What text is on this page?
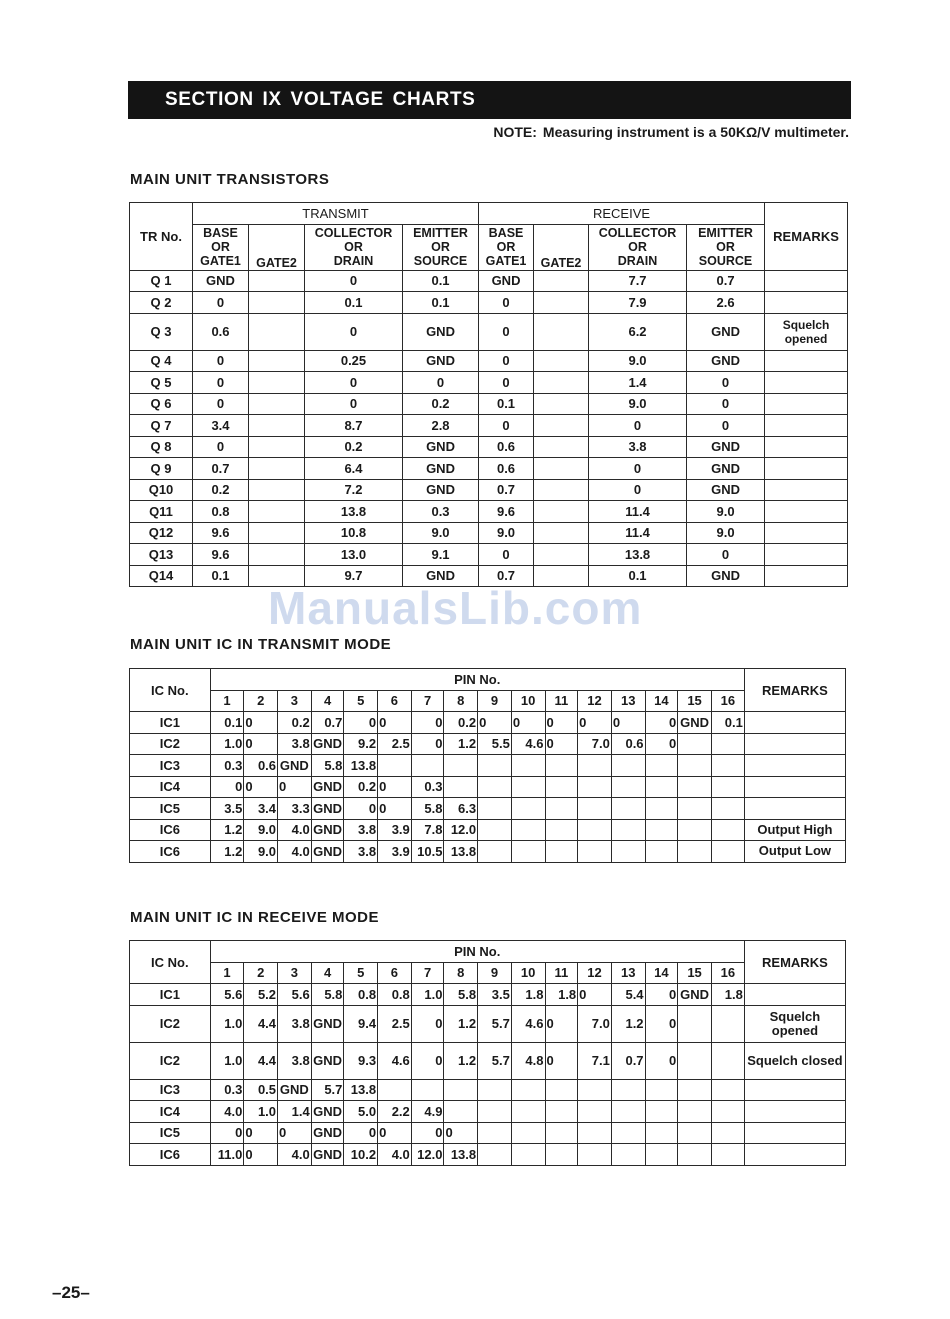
SECTION IX VOLTAGE CHARTS
NOTE: Measuring instrument is a 50KΩ/V multimeter.
MAIN UNIT TRANSISTORS
TR No.	TRANSMIT				RECEIVE				REMARKS
	BASE
OR
GATE1	GATE2	COLLECTOR
OR
DRAIN	EMITTER
OR
SOURCE	BASE
OR
GATE1	GATE2	COLLECTOR
OR
DRAIN	EMITTER
OR
SOURCE	
Q 1	GND		0	0.1	GND		7.7	0.7	
Q 2	0		0.1	0.1	0		7.9	2.6	
Q 3	0.6		0	GND	0		6.2	GND	Squelch opened
Q 4	0		0.25	GND	0		9.0	GND	
Q 5	0		0	0	0		1.4	0	
Q 6	0		0	0.2	0.1		9.0	0	
Q 7	3.4		8.7	2.8	0		0	0	
Q 8	0		0.2	GND	0.6		3.8	GND	
Q 9	0.7		6.4	GND	0.6		0	GND	
Q10	0.2		7.2	GND	0.7		0	GND	
Q11	0.8		13.8	0.3	9.6		11.4	9.0	
Q12	9.6		10.8	9.0	9.0		11.4	9.0	
Q13	9.6		13.0	9.1	0		13.8	0	
Q14	0.1		9.7	GND	0.7		0.1	GND	
MAIN UNIT IC IN TRANSMIT MODE
IC No.	PIN No.																REMARKS
	1	2	3	4	5	6	7	8	9	10	11	12	13	14	15	16	
IC1	0.1	0	0.2	0.7	0	0	0	0.2	0	0	0	0	0	0	GND	0.1	
IC2	1.0	0	3.8	GND	9.2	2.5	0	1.2	5.5	4.6	0	7.0	0.6	0			
IC3	0.3	0.6	GND	5.8	13.8												
IC4	0	0	0	GND	0.2	0	0.3										
IC5	3.5	3.4	3.3	GND	0	0	5.8	6.3									
IC6	1.2	9.0	4.0	GND	3.8	3.9	7.8	12.0									Output High
IC6	1.2	9.0	4.0	GND	3.8	3.9	10.5	13.8									Output Low
MAIN UNIT IC IN RECEIVE MODE
IC No.	PIN No.																REMARKS
	1	2	3	4	5	6	7	8	9	10	11	12	13	14	15	16	
IC1	5.6	5.2	5.6	5.8	0.8	0.8	1.0	5.8	3.5	1.8	1.8	0	5.4	0	GND	1.8	
IC2	1.0	4.4	3.8	GND	9.4	2.5	0	1.2	5.7	4.6	0	7.0	1.2	0			Squelch opened
IC2	1.0	4.4	3.8	GND	9.3	4.6	0	1.2	5.7	4.8	0	7.1	0.7	0			Squelch closed
IC3	0.3	0.5	GND	5.7	13.8												
IC4	4.0	1.0	1.4	GND	5.0	2.2	4.9										
IC5	0	0	0	GND	0	0	0	0									
IC6	11.0	0	4.0	GND	10.2	4.0	12.0	13.8									
ManualsLib.com
–25–
